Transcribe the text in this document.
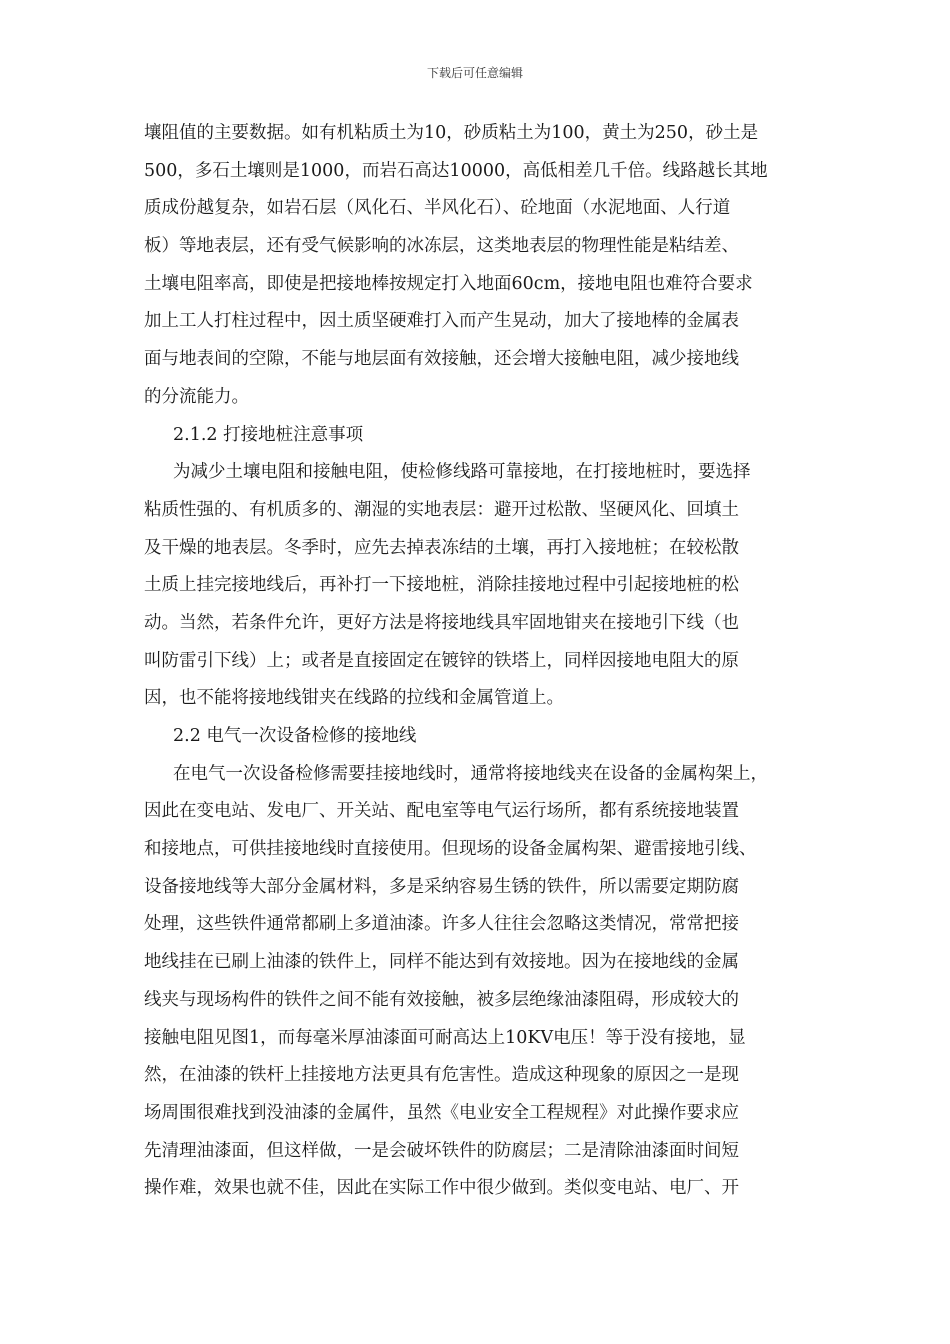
下载后可任意编辑
壤阻值的主要数据。如有机粘质土为10，砂质粘土为100，黄土为250，砂土是
500，多石土壤则是1000，而岩石高达10000，高低相差几千倍。线路越长其地
质成份越复杂，如岩石层（风化石、半风化石）、砼地面（水泥地面、人行道
板）等地表层，还有受气候影响的冰冻层，这类地表层的物理性能是粘结差、
土壤电阻率高，即使是把接地棒按规定打入地面60cm，接地电阻也难符合要求
加上工人打柱过程中，因土质坚硬难打入而产生晃动，加大了接地棒的金属表
面与地表间的空隙，不能与地层面有效接触，还会增大接触电阻，减少接地线
的分流能力。
2.1.2 打接地桩注意事项
为减少土壤电阻和接触电阻，使检修线路可靠接地，在打接地桩时，要选择
粘质性强的、有机质多的、潮湿的实地表层：避开过松散、坚硬风化、回填土
及干燥的地表层。冬季时，应先去掉表冻结的土壤，再打入接地桩；在较松散
土质上挂完接地线后，再补打一下接地桩，消除挂接地过程中引起接地桩的松
动。当然，若条件允许，更好方法是将接地线具牢固地钳夹在接地引下线（也
叫防雷引下线）上；或者是直接固定在镀锌的铁塔上，同样因接地电阻大的原
因，也不能将接地线钳夹在线路的拉线和金属管道上。
2.2 电气一次设备检修的接地线
在电气一次设备检修需要挂接地线时，通常将接地线夹在设备的金属构架上，
因此在变电站、发电厂、开关站、配电室等电气运行场所，都有系统接地装置
和接地点，可供挂接地线时直接使用。但现场的设备金属构架、避雷接地引线、
设备接地线等大部分金属材料，多是采纳容易生锈的铁件，所以需要定期防腐
处理，这些铁件通常都刷上多道油漆。许多人往往会忽略这类情况，常常把接
地线挂在已刷上油漆的铁件上，同样不能达到有效接地。因为在接地线的金属
线夹与现场构件的铁件之间不能有效接触，被多层绝缘油漆阻碍，形成较大的
接触电阻见图1，而每毫米厚油漆面可耐高达上10KV电压！等于没有接地，显
然，在油漆的铁杆上挂接地方法更具有危害性。造成这种现象的原因之一是现
场周围很难找到没油漆的金属件，虽然《电业安全工程规程》对此操作要求应
先清理油漆面，但这样做，一是会破坏铁件的防腐层；二是清除油漆面时间短
操作难，效果也就不佳，因此在实际工作中很少做到。类似变电站、电厂、开
